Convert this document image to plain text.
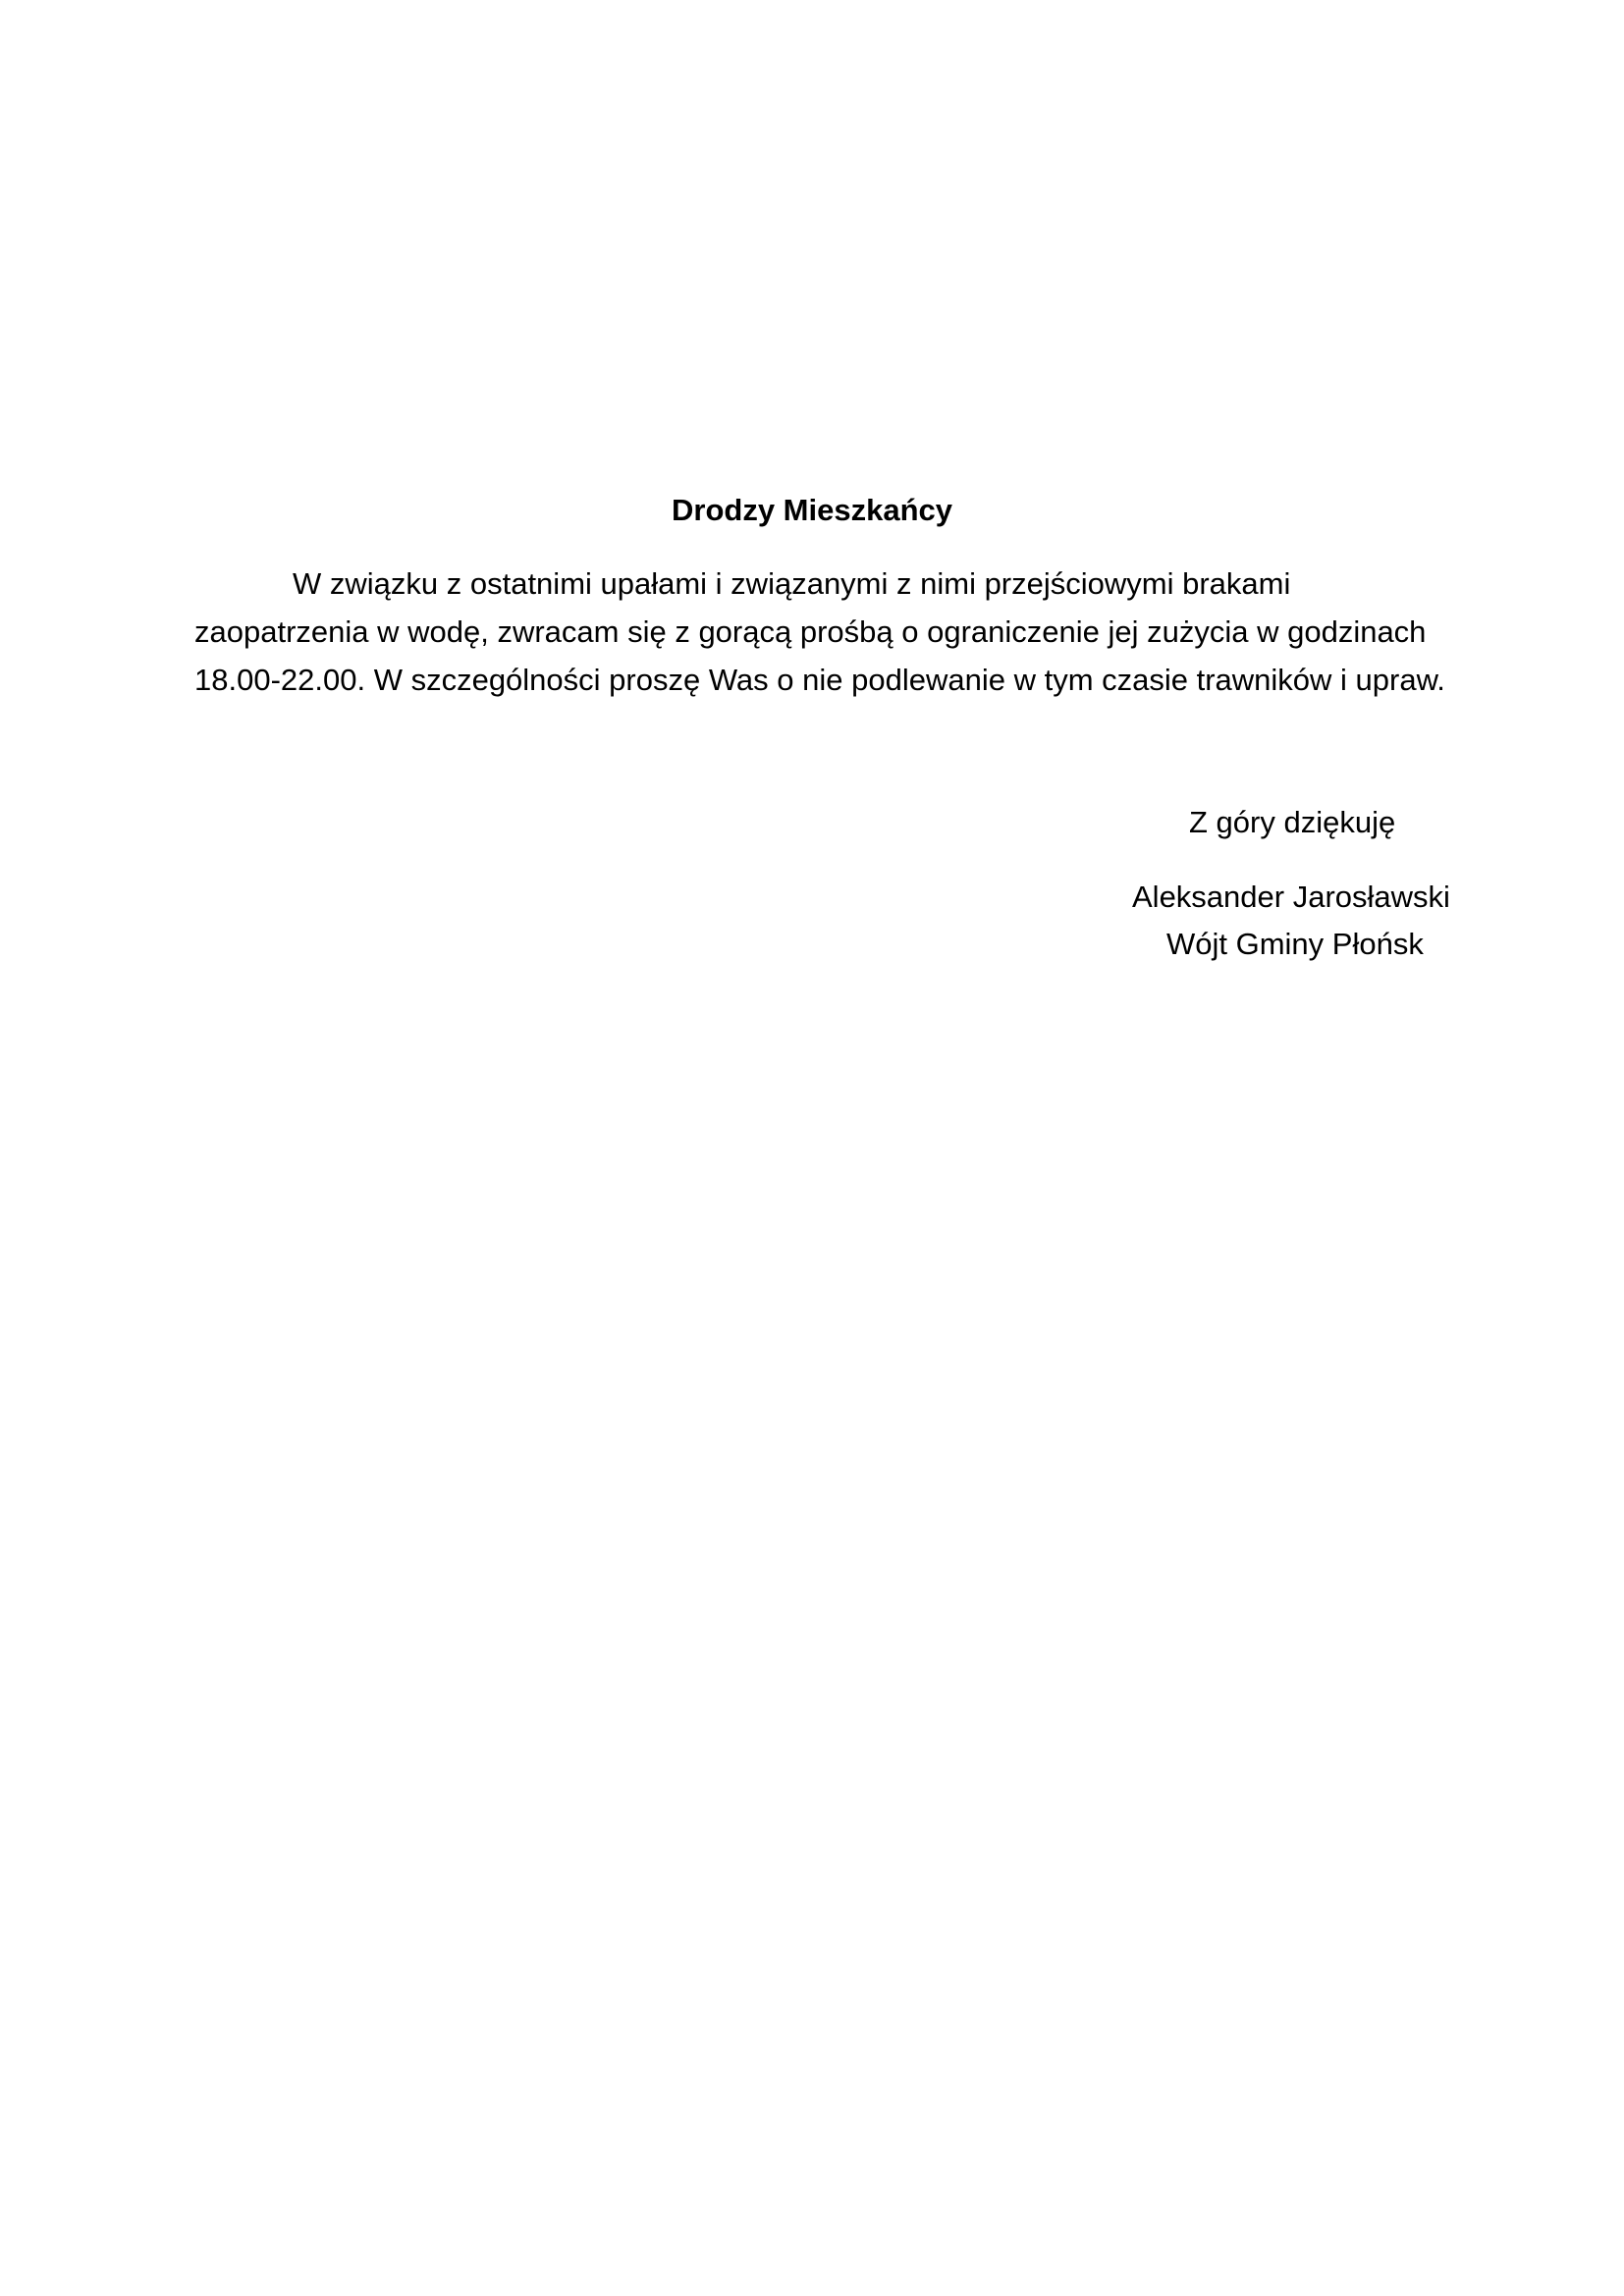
Drodzy Mieszkańcy
W związku z ostatnimi upałami i związanymi z nimi przejściowymi brakami
zaopatrzenia w wodę, zwracam się z gorącą prośbą o ograniczenie jej zużycia w godzinach
18.00-22.00. W szczególności proszę Was o nie podlewanie w tym czasie trawników i upraw.

Z góry dziękuję

Aleksander Jarosławski

Wójt Gminy Płońsk
